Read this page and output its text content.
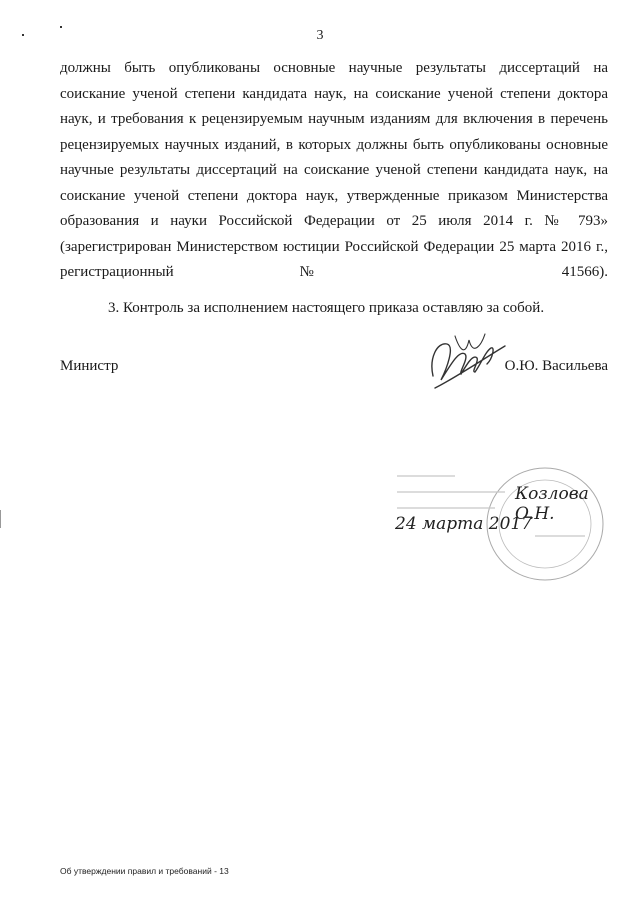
3

должны быть опубликованы основные научные результаты диссертаций на соискание ученой степени кандидата наук, на соискание ученой степени доктора наук, и требования к рецензируемым научным изданиям для включения в перечень рецензируемых научных изданий, в которых должны быть опубликованы основные научные результаты диссертаций на соискание ученой степени кандидата наук, на соискание ученой степени доктора наук, утвержденные приказом Министерства образования и науки Российской Федерации от 25 июля 2014 г. № 793» (зарегистрирован Министерством юстиции Российской Федерации 25 марта 2016 г., регистрационный № 41566).

3. Контроль за исполнением настоящего приказа оставляю за собой.

Министр	О.Ю. Васильева
Козлова О.Н.
24 марта 2017
Об утверждении правил и требований - 13
